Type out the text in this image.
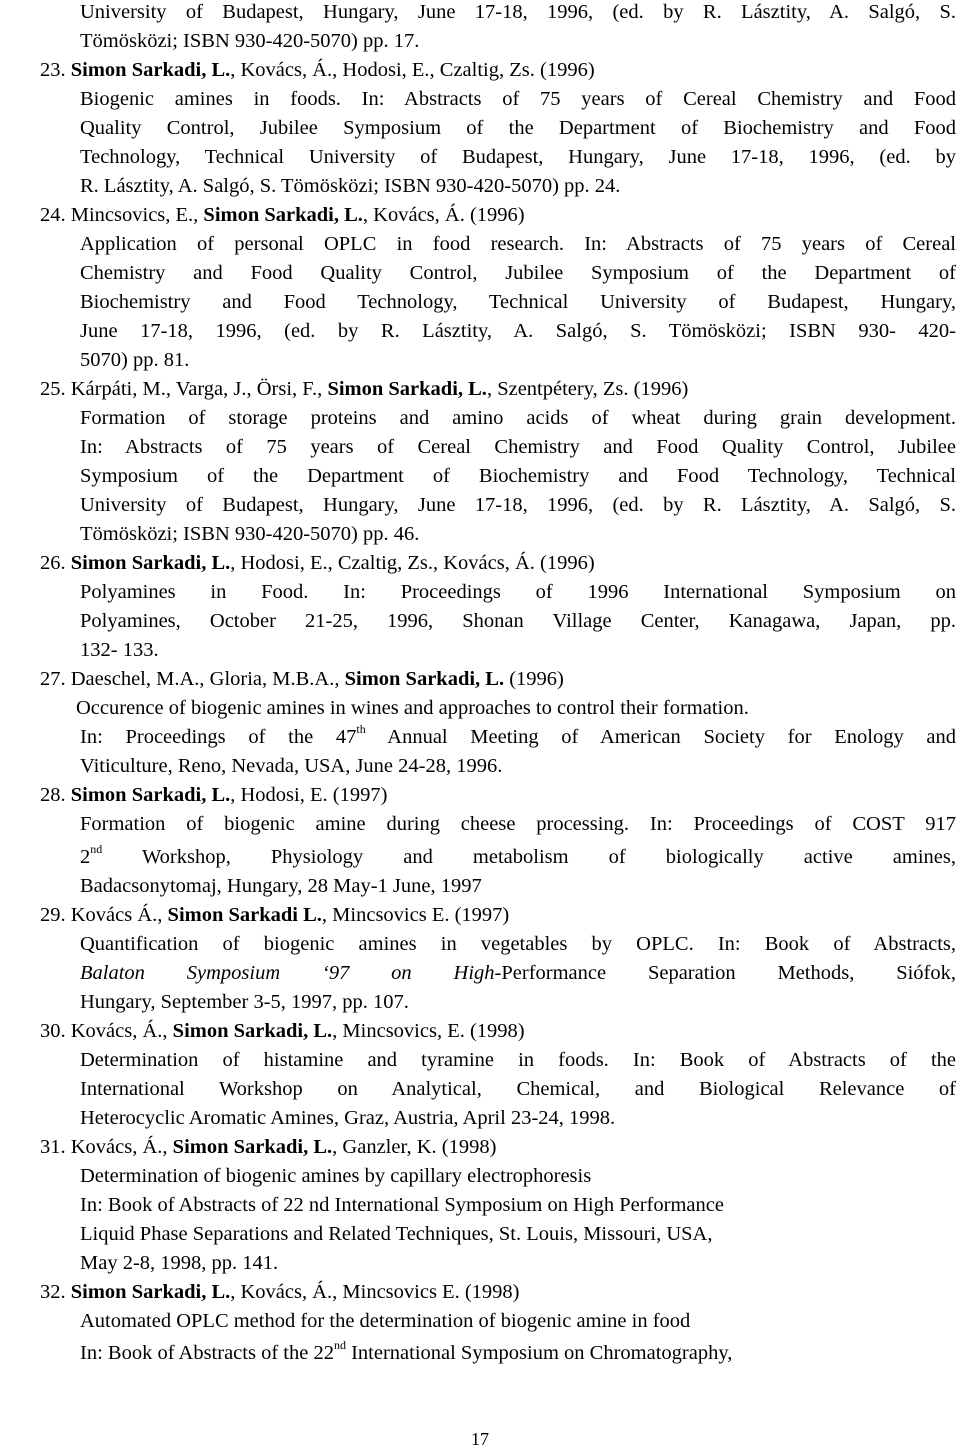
University of Budapest, Hungary, June 17-18, 1996, (ed. by R. Lásztity, A. Salgó, S.
Tömösközi; ISBN 930-420-5070) pp. 17.
23. Simon Sarkadi, L., Kovács, Á., Hodosi, E., Czaltig, Zs. (1996)
Biogenic amines in foods. In: Abstracts of 75 years of Cereal Chemistry and Food
Quality Control, Jubilee Symposium of the Department of Biochemistry and Food
Technology, Technical University of Budapest, Hungary, June 17-18, 1996, (ed. by
R. Lásztity, A. Salgó, S. Tömösközi; ISBN 930-420-5070) pp. 24.
24. Mincsovics, E., Simon Sarkadi, L., Kovács, Á. (1996)
Application of personal OPLC in food research. In: Abstracts of 75 years of Cereal
Chemistry and Food Quality Control, Jubilee Symposium of the Department of
Biochemistry and Food Technology, Technical University of Budapest, Hungary,
June 17-18, 1996, (ed. by R. Lásztity, A. Salgó, S. Tömösközi; ISBN 930- 420-
5070) pp. 81.
25. Kárpáti, M., Varga, J., Örsi, F., Simon Sarkadi, L., Szentpétery, Zs. (1996)
Formation of storage proteins and amino acids of wheat during grain development.
In: Abstracts of 75 years of Cereal Chemistry and Food Quality Control, Jubilee
Symposium of the Department of Biochemistry and Food Technology, Technical
University of Budapest, Hungary, June 17-18, 1996, (ed. by R. Lásztity, A. Salgó, S.
Tömösközi; ISBN 930-420-5070) pp. 46.
26. Simon Sarkadi, L., Hodosi, E., Czaltig, Zs., Kovács, Á. (1996)
Polyamines in Food. In: Proceedings of 1996 International Symposium on
Polyamines, October 21-25, 1996, Shonan Village Center, Kanagawa, Japan, pp.
132- 133.
27. Daeschel, M.A., Gloria, M.B.A., Simon Sarkadi, L. (1996)
Occurence of biogenic amines in wines and approaches to control their formation.
In: Proceedings of the 47th Annual Meeting of American Society for Enology and
Viticulture, Reno, Nevada, USA, June 24-28, 1996.
28. Simon Sarkadi, L., Hodosi, E. (1997)
Formation of biogenic amine during cheese processing. In: Proceedings of COST 917
2nd Workshop, Physiology and metabolism of biologically active amines,
Badacsonytomaj, Hungary, 28 May-1 June, 1997
29. Kovács Á., Simon Sarkadi L., Mincsovics E. (1997)
Quantification of biogenic amines in vegetables by OPLC. In: Book of Abstracts,
Balaton Symposium ‘97 on High-Performance Separation Methods, Siófok,
Hungary, September 3-5, 1997, pp. 107.
30. Kovács, Á., Simon Sarkadi, L., Mincsovics, E. (1998)
Determination of histamine and tyramine in foods. In: Book of Abstracts of the
International Workshop on Analytical, Chemical, and Biological Relevance of
Heterocyclic Aromatic Amines, Graz, Austria, April 23-24, 1998.
31. Kovács, Á., Simon Sarkadi, L., Ganzler, K. (1998)
Determination of biogenic amines by capillary electrophoresis
In: Book of Abstracts of 22 nd International Symposium on High Performance
Liquid Phase Separations and Related Techniques, St. Louis, Missouri, USA,
May 2-8, 1998, pp. 141.
32. Simon Sarkadi, L., Kovács, Á., Mincsovics E. (1998)
Automated OPLC method for the determination of biogenic amine in food
In: Book of Abstracts of the 22nd International Symposium on Chromatography,
17
